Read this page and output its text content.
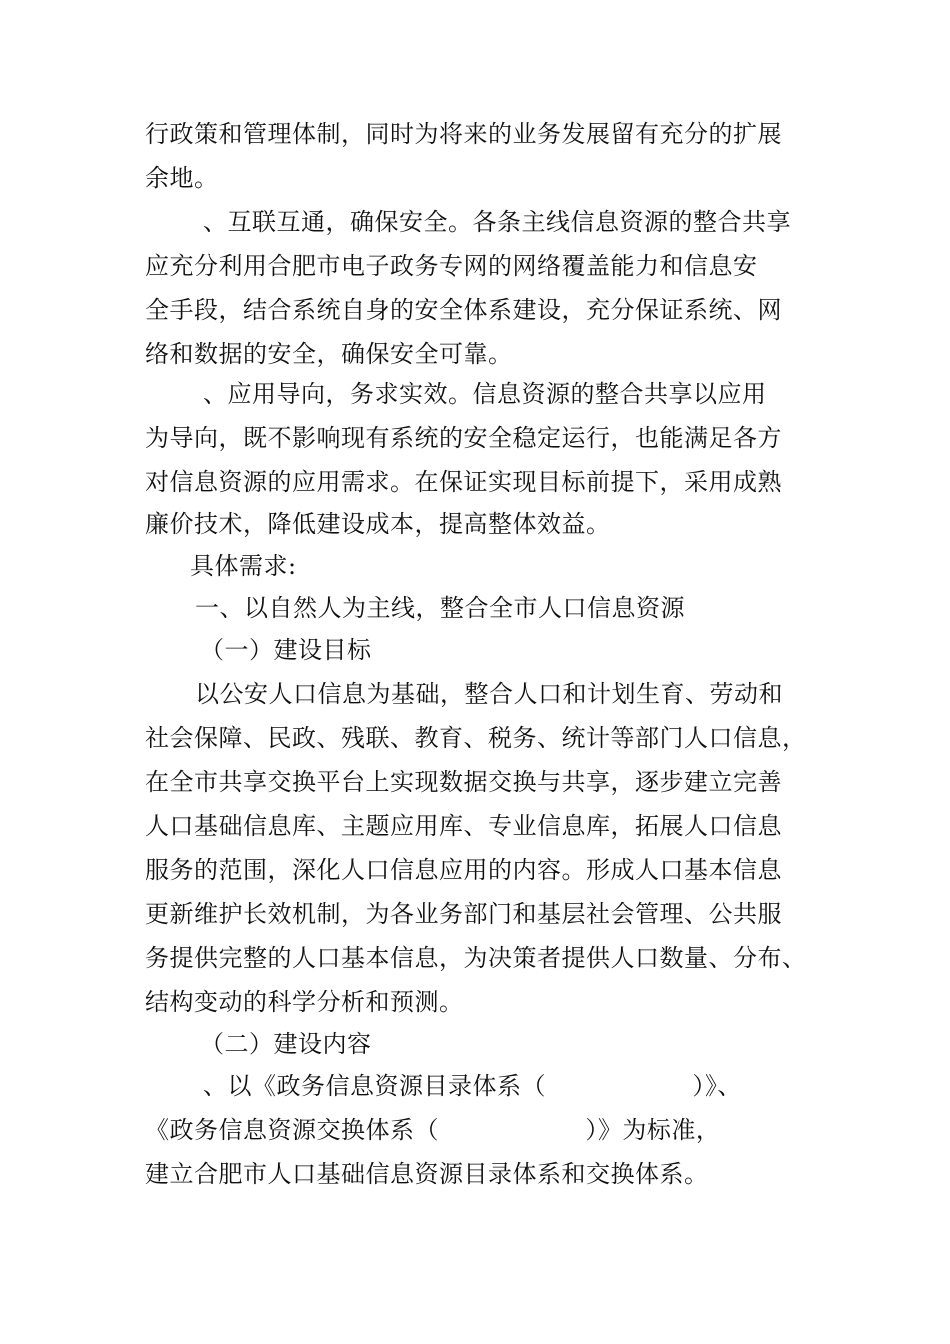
行政策和管理体制，同时为将来的业务发展留有充分的扩展
余地。
、互联互通，确保安全。各条主线信息资源的整合共享
应充分利用合肥市电子政务专网的网络覆盖能力和信息安
全手段，结合系统自身的安全体系建设，充分保证系统、网
络和数据的安全，确保安全可靠。
、应用导向，务求实效。信息资源的整合共享以应用
为导向，既不影响现有系统的安全稳定运行，也能满足各方
对信息资源的应用需求。在保证实现目标前提下，采用成熟
廉价技术，降低建设成本，提高整体效益。
具体需求:
一、以自然人为主线，整合全市人口信息资源
（一）建设目标
以公安人口信息为基础，整合人口和计划生育、劳动和
社会保障、民政、残联、教育、税务、统计等部门人口信息，
在全市共享交换平台上实现数据交换与共享，逐步建立完善
人口基础信息库、主题应用库、专业信息库，拓展人口信息
服务的范围，深化人口信息应用的内容。形成人口基本信息
更新维护长效机制，为各业务部门和基层社会管理、公共服
务提供完整的人口基本信息，为决策者提供人口数量、分布、
结构变动的科学分析和预测。
（二）建设内容
、以《政务信息资源目录体系（                  ）》、
《政务信息资源交换体系（                  ）》为标准，
建立合肥市人口基础信息资源目录体系和交换体系。
